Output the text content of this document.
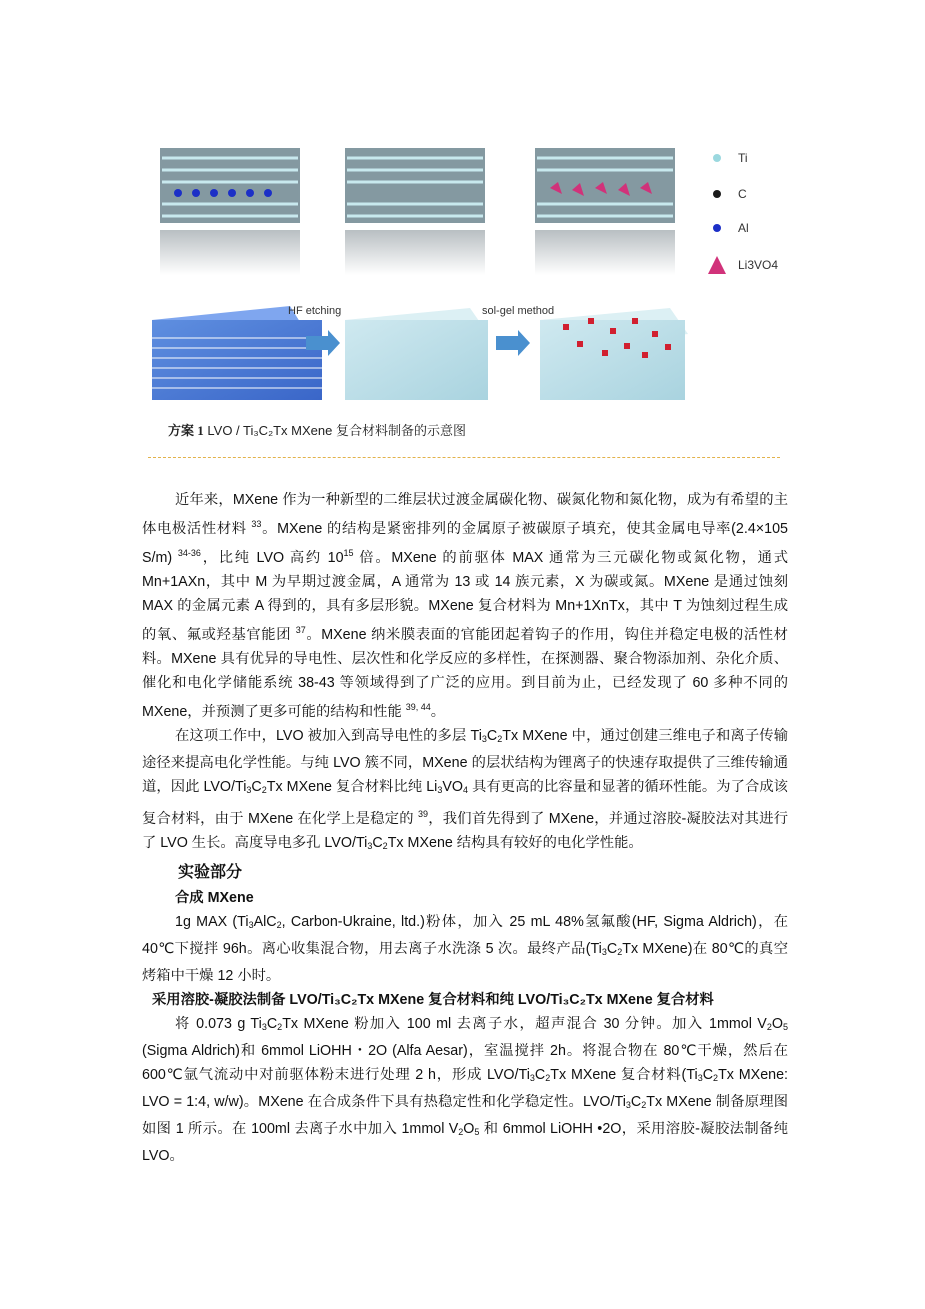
Ti
C
Al
Li3VO4
HF etching	sol-gel method
方案 1 LVO / Ti₃C₂Tx MXene 复合材料制备的示意图

近年来，MXene 作为一种新型的二维层状过渡金属碳化物、碳氮化物和氮化物，成为有希望的主体电极活性材料 $^{33}$。MXene 的结构是紧密排列的金属原子被碳原子填充，使其金属电导率(2.4×105 S/m) $^{34-36}$，比纯 LVO 高约 $10^{15}$ 倍。MXene 的前驱体 MAX 通常为三元碳化物或氮化物，通式 Mn+1AXn，其中 M 为早期过渡金属，A 通常为 13 或 14 族元素，X 为碳或氮。MXene 是通过蚀刻 MAX 的金属元素 A 得到的，具有多层形貌。MXene 复合材料为 Mn+1XnTx，其中 T 为蚀刻过程生成的氧、氟或羟基官能团 $^{37}$。MXene 纳米膜表面的官能团起着钩子的作用，钩住并稳定电极的活性材料。MXene 具有优异的导电性、层次性和化学反应的多样性，在探测器、聚合物添加剂、杂化介质、催化和电化学储能系统 38-43 等领域得到了广泛的应用。到目前为止，已经发现了 60 多种不同的 MXene，并预测了更多可能的结构和性能 $^{39, 44}$。

在这项工作中，LVO 被加入到高导电性的多层 $Ti_3C_2Tx$ MXene 中，通过创建三维电子和离子传输途径来提高电化学性能。与纯 LVO 簇不同，MXene 的层状结构为锂离子的快速存取提供了三维传输通道，因此 LVO/$Ti_3C_2Tx$ MXene 复合材料比纯 $Li_3VO_4$ 具有更高的比容量和显著的循环性能。为了合成该复合材料，由于 MXene 在化学上是稳定的 $^{39}$，我们首先得到了 MXene，并通过溶胶-凝胶法对其进行了 LVO 生长。高度导电多孔 LVO/$Ti_3C_2Tx$ MXene 结构具有较好的电化学性能。

实验部分
合成 MXene

1g MAX ($Ti_3AlC_2$, Carbon-Ukraine, ltd.)粉体，加入 25 mL 48%氢氟酸(HF, Sigma Aldrich)，在 40℃下搅拌 96h。离心收集混合物，用去离子水洗涤 5 次。最终产品($Ti_3C_2Tx$ MXene)在 80℃的真空烤箱中干燥 12 小时。

采用溶胶-凝胶法制备 LVO/Ti₃C₂Tx MXene 复合材料和纯 LVO/Ti₃C₂Tx MXene 复合材料

将 0.073 g $Ti_3C_2Tx$ MXene 粉加入 100 ml 去离子水，超声混合 30 分钟。加入 1mmol $V_2O_5$ (Sigma Aldrich)和 6mmol LiOHH・2O (Alfa Aesar)，室温搅拌 2h。将混合物在 80℃干燥，然后在 600℃氩气流动中对前驱体粉末进行处理 2 h，形成 LVO/$Ti_3C_2Tx$ MXene 复合材料($Ti_3C_2Tx$ MXene: LVO = 1:4, w/w)。MXene 在合成条件下具有热稳定性和化学稳定性。LVO/$Ti_3C_2Tx$ MXene 制备原理图如图 1 所示。在 100ml 去离子水中加入 1mmol $V_2O_5$ 和 6mmol LiOHH •2O，采用溶胶-凝胶法制备纯 LVO。
